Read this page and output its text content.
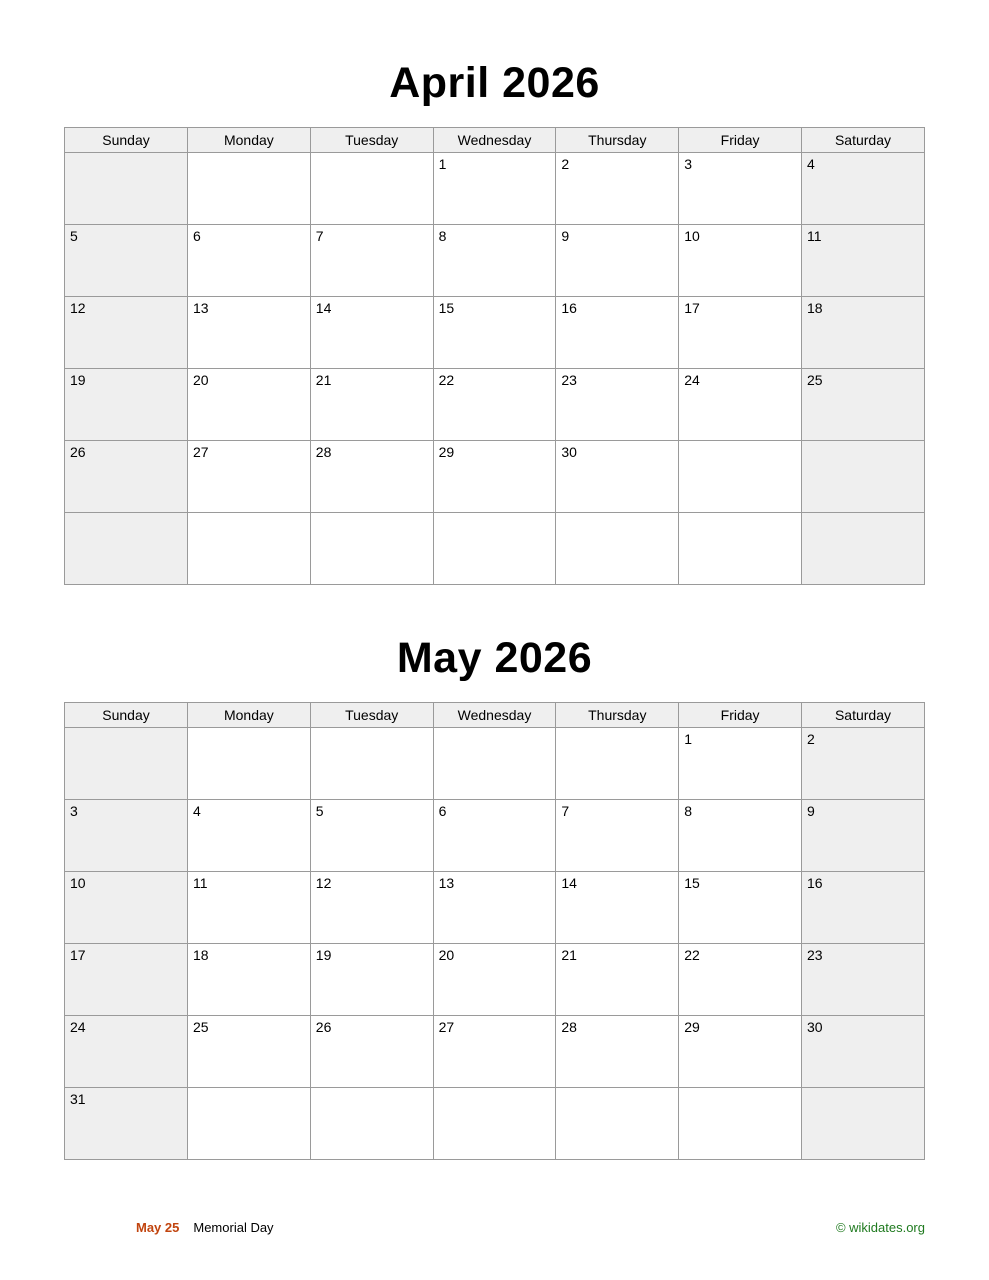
April 2026
Sunday	Monday	Tuesday	Wednesday	Thursday	Friday	Saturday
			1	2	3	4
5	6	7	8	9	10	11
12	13	14	15	16	17	18
19	20	21	22	23	24	25
26	27	28	29	30		

May 2026
Sunday	Monday	Tuesday	Wednesday	Thursday	Friday	Saturday
					1	2
3	4	5	6	7	8	9
10	11	12	13	14	15	16
17	18	19	20	21	22	23
24	25	26	27	28	29	30
31						
May 25 Memorial Day	© wikidates.org
